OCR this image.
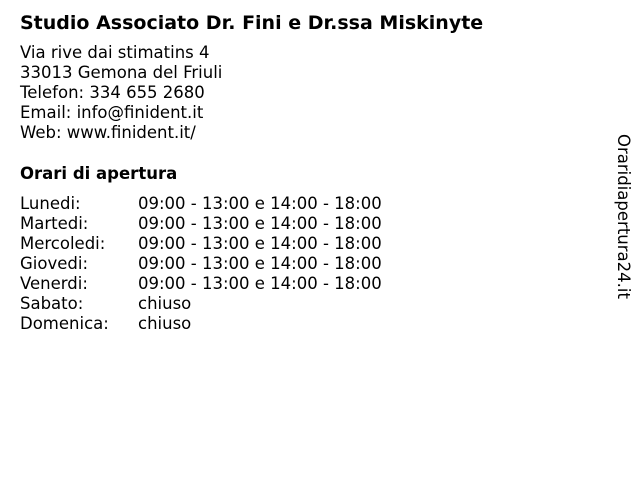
Studio Associato Dr. Fini e Dr.ssa Miskinyte
Via rive dai stimatins 4
33013 Gemona del Friuli
Telefon: 334 655 2680
Email: info@finident.it
Web: www.finident.it/
Orari di apertura
Lunedi:	09:00 - 13:00 e 14:00 - 18:00
Martedi:	09:00 - 13:00 e 14:00 - 18:00
Mercoledi: 09:00 - 13:00 e 14:00 - 18:00
Giovedi:	09:00 - 13:00 e 14:00 - 18:00
Venerdi:	09:00 - 13:00 e 14:00 - 18:00
Sabato:	chiuso
Domenica: chiuso
Oraridiapertura24.it
